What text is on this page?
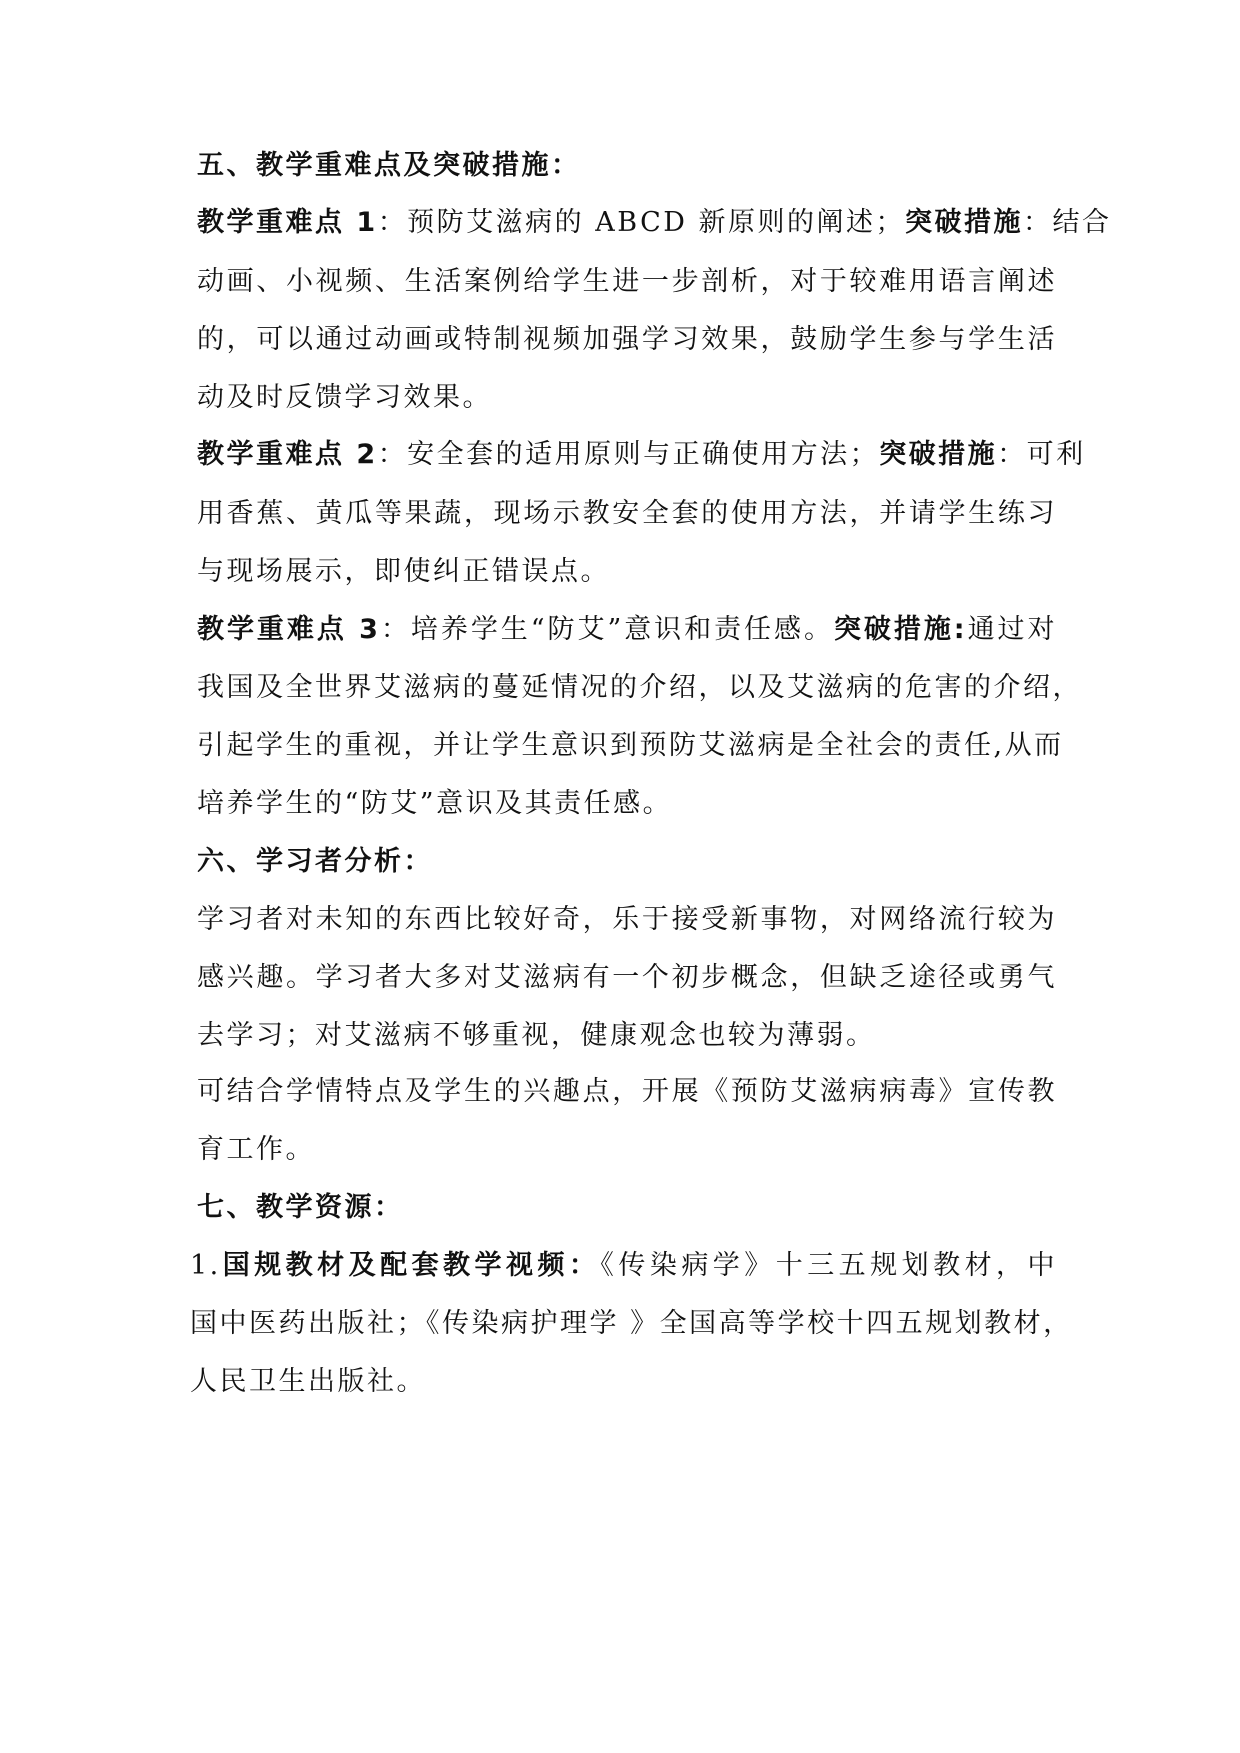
五、教学重难点及突破措施：
教学重难点 1：预防艾滋病的 ABCD 新原则的阐述；突破措施：结合
动画、小视频、生活案例给学生进一步剖析，对于较难用语言阐述
的，可以通过动画或特制视频加强学习效果，鼓励学生参与学生活
动及时反馈学习效果。
教学重难点 2：安全套的适用原则与正确使用方法；突破措施：可利
用香蕉、黄瓜等果蔬，现场示教安全套的使用方法，并请学生练习
与现场展示，即使纠正错误点。
教学重难点 3：培养学生“防艾”意识和责任感。突破措施:通过对
我国及全世界艾滋病的蔓延情况的介绍，以及艾滋病的危害的介绍，
引起学生的重视，并让学生意识到预防艾滋病是全社会的责任,从而
培养学生的“防艾”意识及其责任感。
六、学习者分析：
学习者对未知的东西比较好奇，乐于接受新事物，对网络流行较为
感兴趣。学习者大多对艾滋病有一个初步概念，但缺乏途径或勇气
去学习；对艾滋病不够重视，健康观念也较为薄弱。
可结合学情特点及学生的兴趣点，开展《预防艾滋病病毒》宣传教
育工作。
七、教学资源：
1.国规教材及配套教学视频：《传染病学》十三五规划教材，中
国中医药出版社；《传染病护理学 》全国高等学校十四五规划教材，
人民卫生出版社。
